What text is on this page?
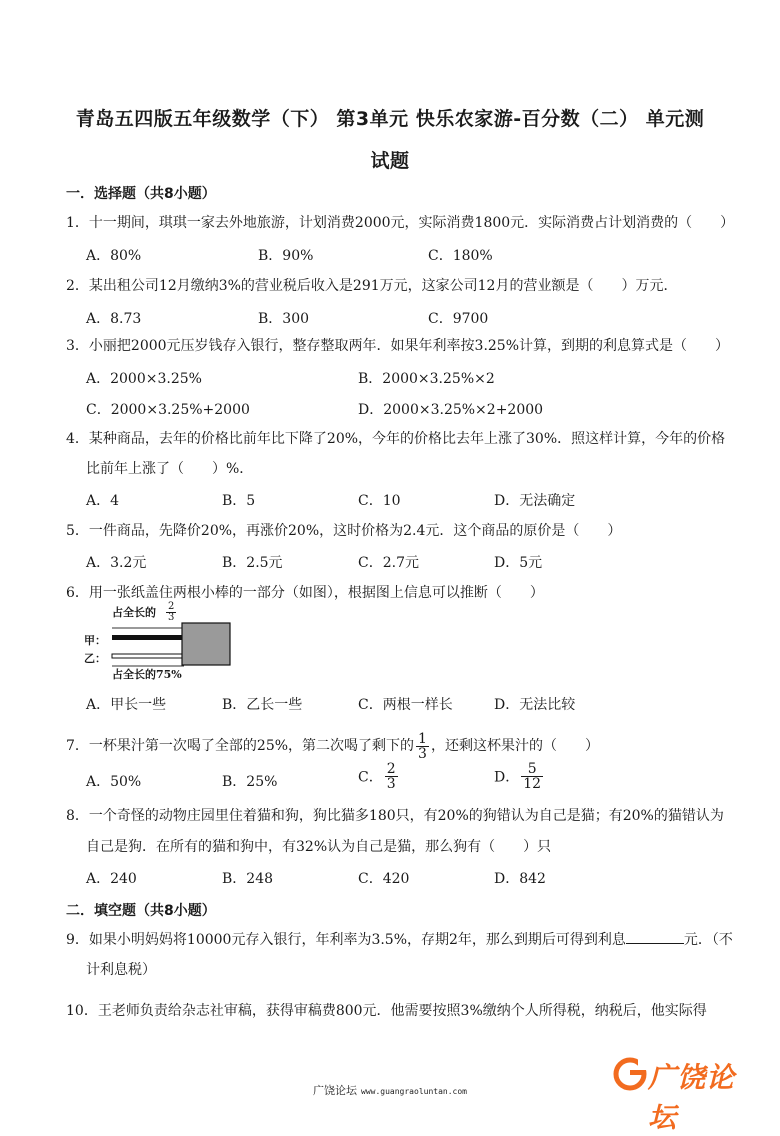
青岛五四版五年级数学（下） 第3单元 快乐农家游-百分数（二） 单元测
试题
一．选择题（共8小题）
1．十一期间，琪琪一家去外地旅游，计划消费2000元，实际消费1800元．实际消费占计划消费的（　　）
A．80%	B．90%	C．180%
2．某出租公司12月缴纳3%的营业税后收入是291万元，这家公司12月的营业额是（　　）万元．
A．8.73	B．300	C．9700
3．小丽把2000元压岁钱存入银行，整存整取两年．如果年利率按3.25%计算，到期的利息算式是（　　）
A．2000×3.25%	B．2000×3.25%×2
C．2000×3.25%+2000	D．2000×3.25%×2+2000
4．某种商品，去年的价格比前年比下降了20%，今年的价格比去年上涨了30%．照这样计算，今年的价格
比前年上涨了（　　）%．
A．4	B．5	C．10	D．无法确定
5．一件商品，先降价20%，再涨价20%，这时价格为2.4元．这个商品的原价是（　　）
A．3.2元	B．2.5元	C．2.7元	D．5元
6．用一张纸盖住两根小棒的一部分（如图），根据图上信息可以推断（　　）
占全长的 $\frac{2}{3}$
甲：
乙：
占全长的75%
A．甲长一些	B．乙长一些	C．两根一样长	D．无法比较
7．一杯果汁第一次喝了全部的25%，第二次喝了剩下的 $\frac{1}{3}$ ，还剩这杯果汁的（　　）
A．50%	B．25%	C． $\frac{2}{3}$	D． $\frac{5}{12}$
8．一个奇怪的动物庄园里住着猫和狗，狗比猫多180只，有20%的狗错认为自己是猫；有20%的猫错认为
自己是狗．在所有的猫和狗中，有32%认为自己是猫，那么狗有（　　）只
A．240	B．248	C．420	D．842
二．填空题（共8小题）
9．如果小明妈妈将10000元存入银行，年利率为3.5%，存期2年，那么到期后可得到利息	元．（不
计利息税）
10．王老师负责给杂志社审稿，获得审稿费800元．他需要按照3%缴纳个人所得税，纳税后，他实际得
广饶论坛 www.guangraoluntan.com	广饶论坛
